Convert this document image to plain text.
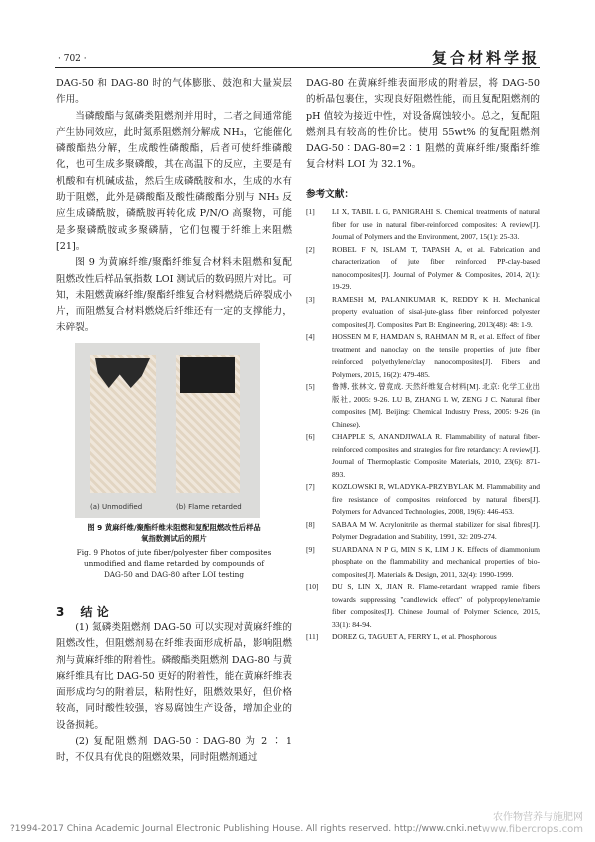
· 702 ·	复合材料学报

DAG-50 和 DAG-80 时的气体膨胀、鼓泡和大量炭层作用。

当磷酸酯与氮磷类阻燃剂并用时，二者之间通常能产生协同效应，此时氮系阻燃剂分解成 NH₃，它能催化磷酸酯热分解，生成酸性磷酸酯，后者可使纤维磷酸化，也可生成多聚磷酸，其在高温下的反应，主要是有机酸和有机碱成盐，然后生成磷酰胺和水，生成的水有助于阻燃，此外是磷酸酯及酸性磷酸酯分别与 NH₃ 反应生成磷酰胺，磷酰胺再转化成 P/N/O 高聚物，可能是多聚磷酰胺或多聚磷腈，它们包覆于纤维上来阻燃[21]。

图 9 为黄麻纤维/聚酯纤维复合材料未阻燃和复配阻燃改性后样品氧指数 LOI 测试后的数码照片对比。可知，未阻燃黄麻纤维/聚酯纤维复合材料燃烧后碎裂成小片，而阻燃复合材料燃烧后纤维还有一定的支撑能力，未碎裂。

(a) Unmodified	(b) Flame retarded
图 9 黄麻纤维/聚酯纤维未阻燃和复配阻燃改性后样品
氧指数测试后的照片
Fig. 9 Photos of jute fiber/polyester fiber composites
unmodified and flame retarded by compounds of
DAG-50 and DAG-80 after LOI testing
3 结 论

(1) 氮磷类阻燃剂 DAG-50 可以实现对黄麻纤维的阻燃改性，但阻燃剂易在纤维表面形成析晶，影响阻燃剂与黄麻纤维的附着性。磷酸酯类阻燃剂 DAG-80 与黄麻纤维具有比 DAG-50 更好的附着性，能在黄麻纤维表面形成均匀的附着层，粘附性好，阻燃效果好，但价格较高，同时酸性较强，容易腐蚀生产设备，增加企业的设备损耗。

(2) 复配阻燃剂 DAG-50 ∶ DAG-80 为 2 ∶ 1 时，不仅具有优良的阻燃效果，同时阻燃剂通过

DAG-80 在黄麻纤维表面形成的附着层，将 DAG-50 的析晶包裹住，实现良好阻燃性能，而且复配阻燃剂的 pH 值较为接近中性，对设备腐蚀较小。总之，复配阻燃剂具有较高的性价比。使用 55wt% 的复配阻燃剂 DAG-50 ∶ DAG-80=2 ∶ 1 阻燃的黄麻纤维/聚酯纤维复合材料 LOI 为 32.1%。

参考文献：
[1]	LI X, TABIL L G, PANIGRAHI S. Chemical treatments of natural fiber for use in natural fiber-reinforced composites: A review[J]. Journal of Polymers and the Environment, 2007, 15(1): 25-33.
[2]	ROBEL F N, ISLAM T, TAPASH A, et al. Fabrication and characterization of jute fiber reinforced PP-clay-based nanocomposites[J]. Journal of Polymer & Composites, 2014, 2(1): 19-29.
[3]	RAMESH M, PALANIKUMAR K, REDDY K H. Mechanical property evaluation of sisal-jute-glass fiber reinforced polyester composites[J]. Composites Part B: Engineering, 2013(48): 48: 1-9.
[4]	HOSSEN M F, HAMDAN S, RAHMAN M R, et al. Effect of fiber treatment and nanoclay on the tensile properties of jute fiber reinforced polyethylene/clay nanocomposites[J]. Fibers and Polymers, 2015, 16(2): 479-485.
[5]	鲁博, 张林文, 曾竟成. 天然纤维复合材料[M]. 北京: 化学工业出版社, 2005: 9-26. LU B, ZHANG L W, ZENG J C. Natural fiber composites [M]. Beijing: Chemical Industry Press, 2005: 9-26 (in Chinese).
[6]	CHAPPLE S, ANANDJIWALA R. Flammability of natural fiber-reinforced composites and strategies for fire retardancy: A review[J]. Journal of Thermoplastic Composite Materials, 2010, 23(6): 871-893.
[7]	KOZLOWSKI R, WLADYKA-PRZYBYLAK M. Flammability and fire resistance of composites reinforced by natural fibers[J]. Polymers for Advanced Technologies, 2008, 19(6): 446-453.
[8]	SABAA M W. Acrylonitrile as thermal stabilizer for sisal fibres[J]. Polymer Degradation and Stability, 1991, 32: 209-274.
[9]	SUARDANA N P G, MIN S K, LIM J K. Effects of diammonium phosphate on the flammability and mechanical properties of bio-composites[J]. Materials & Design, 2011, 32(4): 1990-1999.
[10]	DU S, LIN X, JIAN R. Flame-retardant wrapped ramie fibers towards suppressing "candlewick effect" of polypropylene/ramie fiber composites[J]. Chinese Journal of Polymer Science, 2015, 33(1): 84-94.
[11]	DOREZ G, TAGUET A, FERRY L, et al. Phosphorous
?1994-2017 China Academic Journal Electronic Publishing House. All rights reserved. http://www.cnki.net
农作物营养与施肥网
www.fibercrops.com
